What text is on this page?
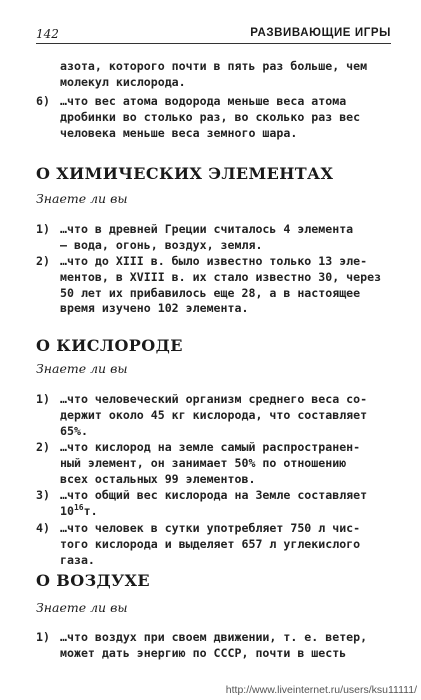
142	РАЗВИВАЮЩИЕ ИГРЫ
азота, которого почти в пять раз больше, чем
молекул кислорода.
6) …что вес атома водорода меньше веса атома
дробинки во столько раз, во сколько раз вес
человека меньше веса земного шара.
О ХИМИЧЕСКИХ ЭЛЕМЕНТАХ
Знаете ли вы
1) …что в древней Греции считалось 4 элемента
— вода, огонь, воздух, земля.
2) …что до XIII в. было известно только 13 эле-
ментов, в XVIII в. их стало известно 30, через
50 лет их прибавилось еще 28, а в настоящее
время изучено 102 элемента.
О КИСЛОРОДЕ
Знаете ли вы
1) …что человеческий организм среднего веса со-
держит около 45 кг кислорода, что составляет
65%.
2) …что кислород на земле самый распространен-
ный элемент, он занимает 50% по отношению
всех остальных 99 элементов.
3) …что общий вес кислорода на Земле составляет
$10^{16}т$.
4) …что человек в сутки употребляет 750 л чис-
того кислорода и выделяет 657 л углекислого
газа.
О ВОЗДУХЕ
Знаете ли вы
1) …что воздух при своем движении, т. е. ветер,
может дать энергию по СССР, почти в шесть
http://www.liveinternet.ru/users/ksu11111/
